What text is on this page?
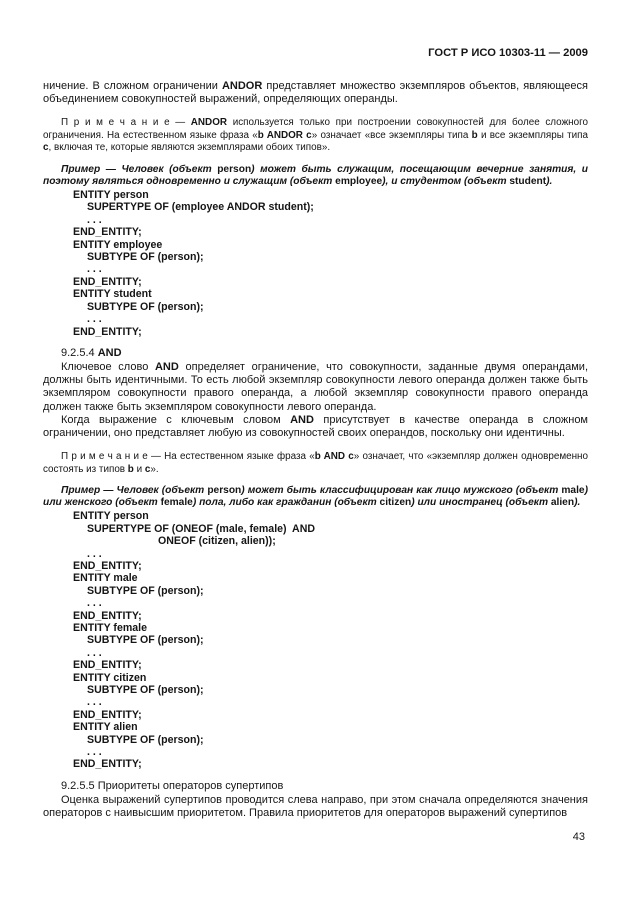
ГОСТ Р ИСО 10303-11 — 2009

ничение. В сложном ограничении ANDOR представляет множество экземпляров объектов, являющееся объединением совокупностей выражений, определяющих операнды.

П р и м е ч а н и е — ANDOR используется только при построении совокупностей для более сложного ограничения. На естественном языке фраза «b ANDOR c» означает «все экземпляры типа b и все экземпляры типа c, включая те, которые являются экземплярами обоих типов».

Пример — Человек (объект person) может быть служащим, посещающим вечерние занятия, и поэтому являться одновременно и служащим (объект employee), и студентом (объект student).

ENTITY person
SUPERTYPE OF (employee ANDOR student);
. . .
END_ENTITY;
ENTITY employee
SUBTYPE OF (person);
. . .
END_ENTITY;
ENTITY student
SUBTYPE OF (person);
. . .
END_ENTITY;

9.2.5.4 AND

Ключевое слово AND определяет ограничение, что совокупности, заданные двумя операндами, должны быть идентичными. То есть любой экземпляр совокупности левого операнда должен также быть экземпляром совокупности правого операнда, а любой экземпляр совокупности правого операнда должен также быть экземпляром совокупности левого операнда.

Когда выражение с ключевым словом AND присутствует в качестве операнда в сложном ограничении, оно представляет любую из совокупностей своих операндов, поскольку они идентичны.

П р и м е ч а н и е — На естественном языке фраза «b AND c» означает, что «экземпляр должен одновременно состоять из типов b и c».

Пример — Человек (объект person) может быть классифицирован как лицо мужского (объект male) или женского (объект female) пола, либо как гражданин (объект citizen) или иностранец (объект alien).

ENTITY person
SUPERTYPE OF (ONEOF (male, female)  AND
ONEOF (citizen, alien));
. . .
END_ENTITY;
ENTITY male
SUBTYPE OF (person);
. . .
END_ENTITY;
ENTITY female
SUBTYPE OF (person);
. . .
END_ENTITY;
ENTITY citizen
SUBTYPE OF (person);
. . .
END_ENTITY;
ENTITY alien
SUBTYPE OF (person);
. . .
END_ENTITY;

9.2.5.5 Приоритеты операторов супертипов

Оценка выражений супертипов проводится слева направо, при этом сначала определяются значения операторов с наивысшим приоритетом. Правила приоритетов для операторов выражений супертипов

43
